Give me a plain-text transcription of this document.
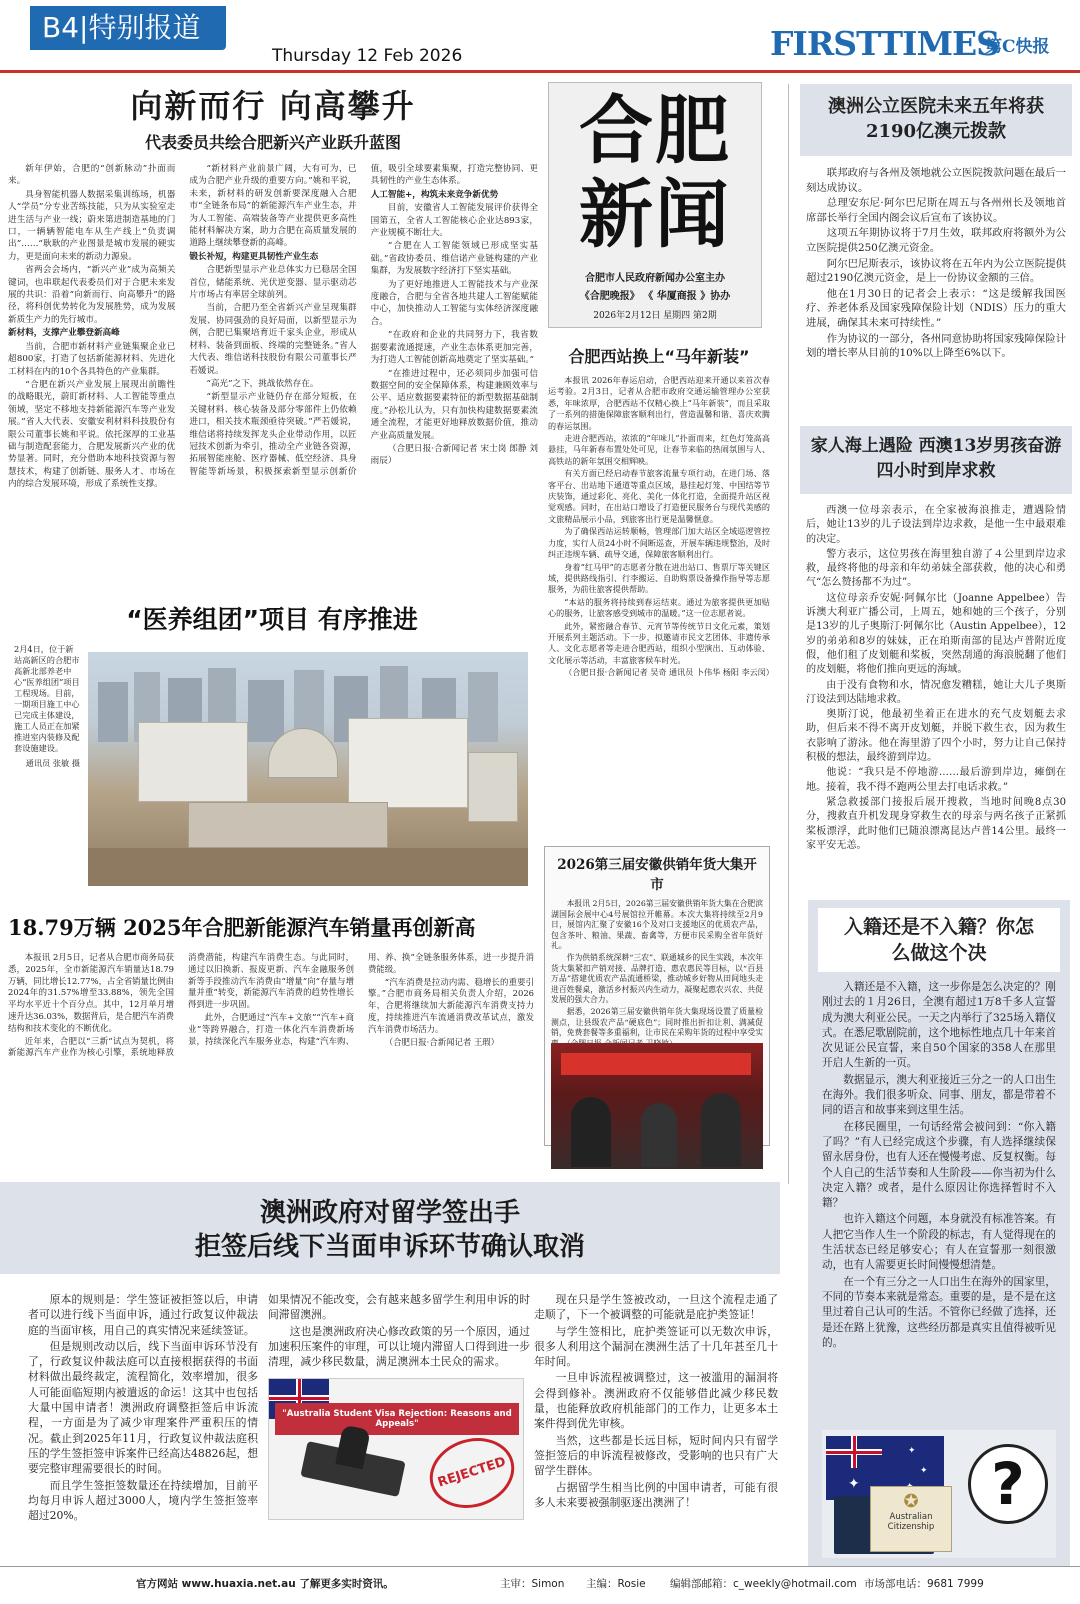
B4|特别报道
Thursday 12 Feb 2026	FIRSTTIMES
第C快报
向新而行 向高攀升
代表委员共绘合肥新兴产业跃升蓝图

新年伊始，合肥的“创新脉动”扑面而来。

具身智能机器人数据采集训练场，机器人“学员”分专业苦练技能，只为从实验室走进生活与产业一线；蔚来第进制造基地的门口，一辆辆智能电车从生产线上“负责调出”……“耿耿的产业图景是城市发展的硬实力，更是面向未来的新动力源泉。

省两会会场内，“新兴产业”成为高频关键词，也串联起代表委员们对于合肥未来发展的共识：沿着“向新而行、向高攀升”的路径，将科创优势转化为发展胜势，成为发展新质生产力的先行城市。

新材料，支撑产业攀登新高峰

当前，合肥市新材料产业链集聚企业已超800家，打造了包括新能源材料、先进化工材料在内的10个各具特色的产业集群。

“合肥在新兴产业发展上展现出前瞻性的战略眼光，蔚盯新材料、人工智能等重点领域，坚定不移地支持新能源汽车等产业发展。”省人大代表、安徽安利材料科技股份有限公司董事长姚和平说。依托深厚的工业基础与制造配套能力，合肥发展新兴产业的优势显著。同时，充分借助本地科技资源与智慧技术，构建了创新链、服务人才、市场在内的综合发展环境，形成了系统性支撑。

“新材料产业前景广阔，大有可为，已成为合肥产业升级的重要方向。”姚和平说，未来，新材料的研发创新要深度融入合肥市“全链条布局”的新能源汽车产业生态，并为人工智能、高端装备等产业提供更多高性能材料解决方案，助力合肥在高质量发展的道路上继续攀登新的高峰。

锻长补短，构建更具韧性产业生态

合肥新型显示产业总体实力已稳居全国首位，储能系统、光伏逆变器、显示驱动芯片市场占有率居全球前列。

当前，合肥乃至全省新兴产业呈现集群发展、协同强劲的良好局面，以新型显示为例，合肥已集聚培育近千家头企业，形成从材料、装备到面板、终端的完整链条。”省人大代表、维信诺科技股份有限公司董事长严若媛说。

“高光”之下，挑战依然存在。

“新型显示产业链仍存在部分短板，在关键材料、核心装备及部分零部件上仍依赖进口，相关技术瓶颈亟待突破。”严若媛说，维信诺将持续发挥龙头企业带动作用，以匠冠技术创新为牵引，推动全产业链各资源，拓展智能座舱、医疗器械、低空经济、具身智能等新场景，积极探索新型显示创新价值，吸引全球要素集聚，打造完整协同、更具韧性的产业生态体系。

人工智能+，构筑未来竞争新优势

目前，安徽省人工智能发展评价获得全国第五，全省人工智能核心企业达893家，产业规模不断壮大。

“合肥在人工智能领域已形成坚实基础。”省政协委员、维信诺产业链构建的产业集群，为发展数字经济打下坚实基础。

为了更好地推进人工智能技术与产业深度融合，合肥与全省各地共建人工智能赋能中心，加快推动人工智能与实体经济深度融合。

“在政府和企业的共同努力下，我省数据要素流通提速，产业生态体系更加完善，为打造人工智能创新高地奠定了坚实基础。”

“在推进过程中，还必须同步加强可信数据空间的安全保障体系，构建兼顾效率与公平、适应数据要素特征的新型数据基础制度。”孙松儿认为，只有加快构建数据要素流通全流程，才能更好地释放数据价值，推动产业高质量发展。

（合肥日报·合新闻记者 宋士岗 郎静 刘雨辰）

合肥新闻
合肥市人民政府新闻办公室主办
《合肥晚报》 《 华厦商报 》协办
2026年2月12日 星期四 第2期
合肥西站换上“马年新装”

本报讯 2026年春运启动，合肥西站迎来开通以来首次春运考验。2月3日，记者从合肥市政府交通运输管理办公室获悉，年味浓厚，合肥西站不仅精心换上“马年新装”，而且采取了一系列的措施保障旅客顺利出行，营造温馨和谐、喜庆欢腾的春运氛围。

走进合肥西站，浓浓的“年味儿”扑面而来，红色灯笼高高悬挂，马年新春布置处处可见，让春节来临的热闹氛围与人、高铁站的新年氛围交相辉映。

有关方面已经启动春节旅客流量专项行动，在进门场、落客平台、出站地下通道等重点区域，悬挂起灯笼、中国结等节庆装饰，通过彩化、亮化、美化一体化打造，全面提升站区视觉观感。同时，在出站口增设了打造便民服务台与现代美感的文旅精品展示小品，到旅客出行更是温馨惬意。

为了确保西站运转顺畅，管理部门加大站区全域巡逻管控力度，实行人员24小时不间断巡查，开展车辆违规整治，及时纠正违规车辆、疏导交通，保障旅客顺利出行。

身着“红马甲”的志愿者分散在进出站口、售票厅等关键区域，提供路线指引、行李搬运、自助购票设备操作指导等志愿服务，为前往旅客提供帮助。

“本站的服务将持续到春运结束。通过为旅客提供更加贴心的服务，让旅客感受到城市的温暖。”这一位志愿者说。

此外，紧密融合春节、元宵节等传统节日文化元素，策划开展系列主题活动。下一步，拟邀请市民文艺团体、非遗传承人、文化志愿者等走进合肥西站，组织小型演出、互动体验、文化展示等活动，丰富旅客候车时光。

（合肥日报·合新闻记者 吴奇 通讯员 卜伟华 杨阳 李云闵）

2026第三届安徽供销年货大集开市

本报讯 2月5日，2026第三届安徽供销年货大集在合肥滨湖国际会展中心4号展馆拉开帷幕。本次大集将持续至2月9日，展馆内汇聚了安徽16个及对口支援地区的优质农产品，包含茶叶、粮油、果蔬、畜禽等，方便市民采购全省年货好礼。

作为供销系统深耕“三农”、联通城乡的民生实践，本次年货大集紧扣产销对接、品牌打造、惠农惠民等目标，以“百县万品”搭建优质农产品流通桥梁，推动城乡好物从田间地头走进百姓餐桌，激活乡村振兴内生动力，凝聚起惠农兴农、共促发展的强大合力。

据悉，2026第三届安徽供销年货大集现场设置了质量检测点，让县级农产品“硬底色”；同时推出折扣让利、满减促销，免费套餐等多重福利，让市民在采购年货的过程中享受实

“医养组团”项目 有序推进
2月4日，位于新站高新区的合肥市高新北部养老中心“医养组团”项目工程现场。目前，一期项目施工中心已完成主体建设，施工人员正在加紧推进室内装修及配套设施建设。

通讯员 张敏 摄
18.79万辆 2025年合肥新能源汽车销量再创新高

本报讯 2月5日，记者从合肥市商务局获悉，2025年，全市新能源汽车销量达18.79万辆，同比增长12.77%，占全省销量比例由2024年的31.57%增至33.88%，领先全国平均水平近十个百分点。其中，12月单月增速升达36.03%，数据背后，是合肥汽车消费结构和技术变化的不断优化。

近年来，合肥以“三新”试点为契机，将新能源汽车产业作为核心引擎，系统地释放消费潜能，构建汽车消费生态。与此同时，通过以旧换新、报废更新、汽车金融服务创新等手段推动汽车消费由“增量”向“存量与增量并重”转变，新能源汽车消费的趋势性增长得到进一步巩固。

此外，合肥通过“汽车+文旅”“汽车+商业”等跨界融合，打造一体化汽车消费新场景，持续深化汽车服务业态，构建“汽车购、用、养、换”全链条服务体系，进一步提升消费能级。

“汽车消费是拉动内需、稳增长的重要引擎。”合肥市商务局相关负责人介绍，2026年，合肥将继续加大新能源汽车消费支持力度，持续推进汽车流通消费改革试点，激发汽车消费市场活力。

（合肥日报·合新闻记者 王瑕）

澳洲公立医院未来五年将获2190亿澳元拨款

联邦政府与各州及领地就公立医院拨款问题在最后一刻达成协议。

总理安东尼·阿尔巴尼斯在周五与各州州长及领地首席部长举行全国内阁会议后宣布了该协议。

这项五年期协议将于7月生效，联邦政府将额外为公立医院提供250亿澳元资金。

阿尔巴尼斯表示，该协议将在五年内为公立医院提供超过2190亿澳元资金，是上一份协议金额的三倍。

他在1月30日的记者会上表示：“这是缓解我国医疗、养老体系及国家残障保险计划（NDIS）压力的重大进展，确保其未来可持续性。”

作为协议的一部分，各州同意协助将国家残障保险计划的增长率从目前的10%以上降至6%以下。

家人海上遇险 西澳13岁男孩奋游四小时到岸求救

西澳一位母亲表示，在全家被海浪推走，遭遇险情后，她让13岁的儿子设法到岸边求救，是他一生中最艰难的决定。

警方表示，这位男孩在海里独自游了４公里到岸边求救，最终将他的母亲和年幼弟妹全部获救，他的决心和勇气“怎么赞扬都不为过”。

这位母亲乔安妮·阿佩尔比（Joanne Appelbee）告诉澳大利亚广播公司，上周五，她和她的三个孩子，分别是13岁的儿子奥斯汀·阿佩尔比（Austin Appelbee），12岁的弟弟和8岁的妹妹，正在珀斯南部的昆达卢普附近度假，他们租了皮划艇和桨板，突然刮通的海浪脱翻了他们的皮划艇，将他们推向更远的海域。

由于没有食物和水，情况愈发糟糕，她让大儿子奥斯汀设法到达陆地求救。

奥斯汀说，他最初坐着正在进水的充气皮划艇去求助，但后来不得不离开皮划艇，并脱下救生衣，因为救生衣影响了游泳。他在海里游了四个小时，努力让自己保持积极的想法，最终游到岸边。

他说：“我只是不停地游……最后游到岸边，瘫倒在地。接着，我不得不跑两公里去打电话求救。”

紧急救援部门接报后展开搜救，当地时间晚8点30分，搜救直升机发现身穿救生衣的母亲与两名孩子正紧抓桨板漂浮，此时他们已随浪漂离昆达卢普14公里。最终一家平安无恙。

入籍还是不入籍？你怎么做这个决

入籍还是不入籍，这一步你是怎么决定的？刚刚过去的１月26日，全澳有超过1万8千多人宣誓成为澳大利亚公民。一天之内举行了325场入籍仪式。在悉尼歌剧院前，这个地标性地点几十年来首次见证公民宣誓，来自50个国家的358人在那里开启人生新的一页。

数据显示，澳大利亚接近三分之一的人口出生在海外。我们很多听众、同事、朋友，都是带着不同的语言和故事来到这里生活。

在移民圈里，一句话经常会被问到：“你入籍了吗？”有人已经完成这个步骤，有人选择继续保留永居身份，也有人还在慢慢考虑、反复权衡。每个人自己的生活节奏和人生阶段——你当初为什么决定入籍？或者，是什么原因让你选择暂时不入籍？

也许入籍这个问题，本身就没有标准答案。有人把它当作人生一个阶段的标志，有人觉得现在的生活状态已经足够安心；有人在宣誓那一刻很激动，也有人需要更长时间慢慢想清楚。

在一个有三分之一人口出生在海外的国家里，不同的节奏本来就是常态。重要的是，是不是在这里过着自己认可的生活。不管你已经做了选择，还是还在路上犹豫，这些经历都是真实且值得被听见的。

✦
✦
✦
✪
Australian Citizenship
?
澳洲政府对留学签出手
拒签后线下当面申诉环节确认取消

原本的规则是：学生签证被拒签以后，申请者可以进行线下当面申诉，通过行政复议仲裁法庭的当面审核，用自己的真实情况来延续签证。

但是规则改动以后，线下当面申诉环节没有了，行政复议仲裁法庭可以直接根据获得的书面材料做出最终裁定，流程简化，效率增加，很多人可能面临短期内被遣返的命运！这其中也包括大量中国申请者！澳洲政府调整拒签后申诉流程，一方面是为了减少审理案件严重积压的情况。截止到2025年11月，行政复议仲裁法庭积压的学生签拒签申诉案件已经高达48826起，想要完整审理需要很长的时间。

而且学生签拒签数量还在持续增加，目前平均每月申诉人超过3000人，境内学生签拒签率超过20%。

如果情况不能改变，会有越来越多留学生利用申诉的时间滞留澳洲。

这也是澳洲政府决心修改政策的另一个原因，通过加速积压案件的审理，可以让境内滞留人口得到进一步清理，减少移民数量，满足澳洲本土民众的需求。

"Australia Student Visa Rejection: Reasons and Appeals"
REJECTED

现在只是学生签被改动，一旦这个流程走通了走顺了，下一个被调整的可能就是庇护类签证！

与学生签相比，庇护类签证可以无数次申诉，很多人利用这个漏洞在澳洲生活了十几年甚至几十年时间。

一旦申诉流程被调整过，这一被滥用的漏洞将会得到修补。澳洲政府不仅能够借此减少移民数量，也能释放政府机能部门的工作力，让更多本土案件得到优先审核。

当然，这些都是长远目标，短时间内只有留学签拒签后的申诉流程被修改，受影响的也只有广大留学生群体。

占据留学生相当比例的中国申请者，可能有很多人未来要被强制驱逐出澳洲了！

官方网站 www.huaxia.net.au 了解更多实时资讯。	主审：Simon 主编：Rosie 编辑部邮箱：c_weekly@hotmail.com 市场部电话：9681 7999
